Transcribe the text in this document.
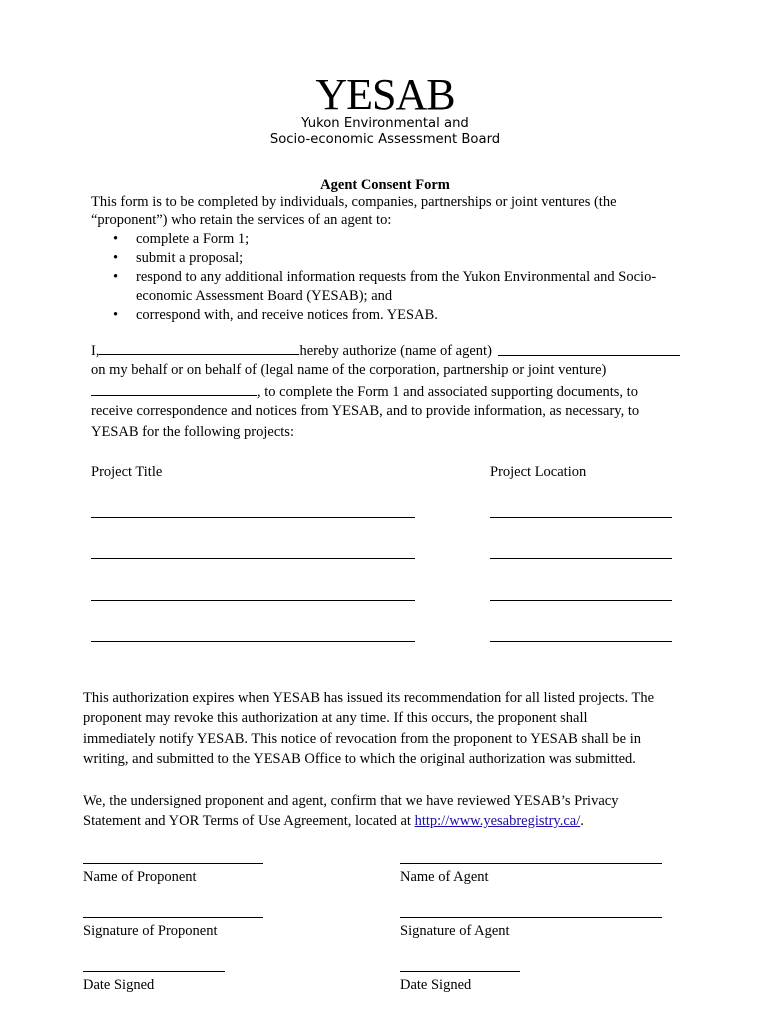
YESAB
Yukon Environmental and
Socio-economic Assessment Board
Agent Consent Form
This form is to be completed by individuals, companies, partnerships or joint ventures (the
“proponent”) who retain the services of an agent to:
• complete a Form 1;
• submit a proposal;
• respond to any additional information requests from the Yukon Environmental and Socio-
economic Assessment Board (YESAB); and
• correspond with, and receive notices from. YESAB.
I,	hereby authorize (name of agent)
on my behalf or on behalf of (legal name of the corporation, partnership or joint venture)
, to complete the Form 1 and associated supporting documents, to
receive correspondence and notices from YESAB, and to provide information, as necessary, to
YESAB for the following projects:
Project Title	Project Location
This authorization expires when YESAB has issued its recommendation for all listed projects. The
proponent may revoke this authorization at any time. If this occurs, the proponent shall
immediately notify YESAB. This notice of revocation from the proponent to YESAB shall be in
writing, and submitted to the YESAB Office to which the original authorization was submitted.
We, the undersigned proponent and agent, confirm that we have reviewed YESAB’s Privacy
Statement and YOR Terms of Use Agreement, located at http://www.yesabregistry.ca/.
Name of Proponent	Name of Agent
Signature of Proponent	Signature of Agent
Date Signed	Date Signed
